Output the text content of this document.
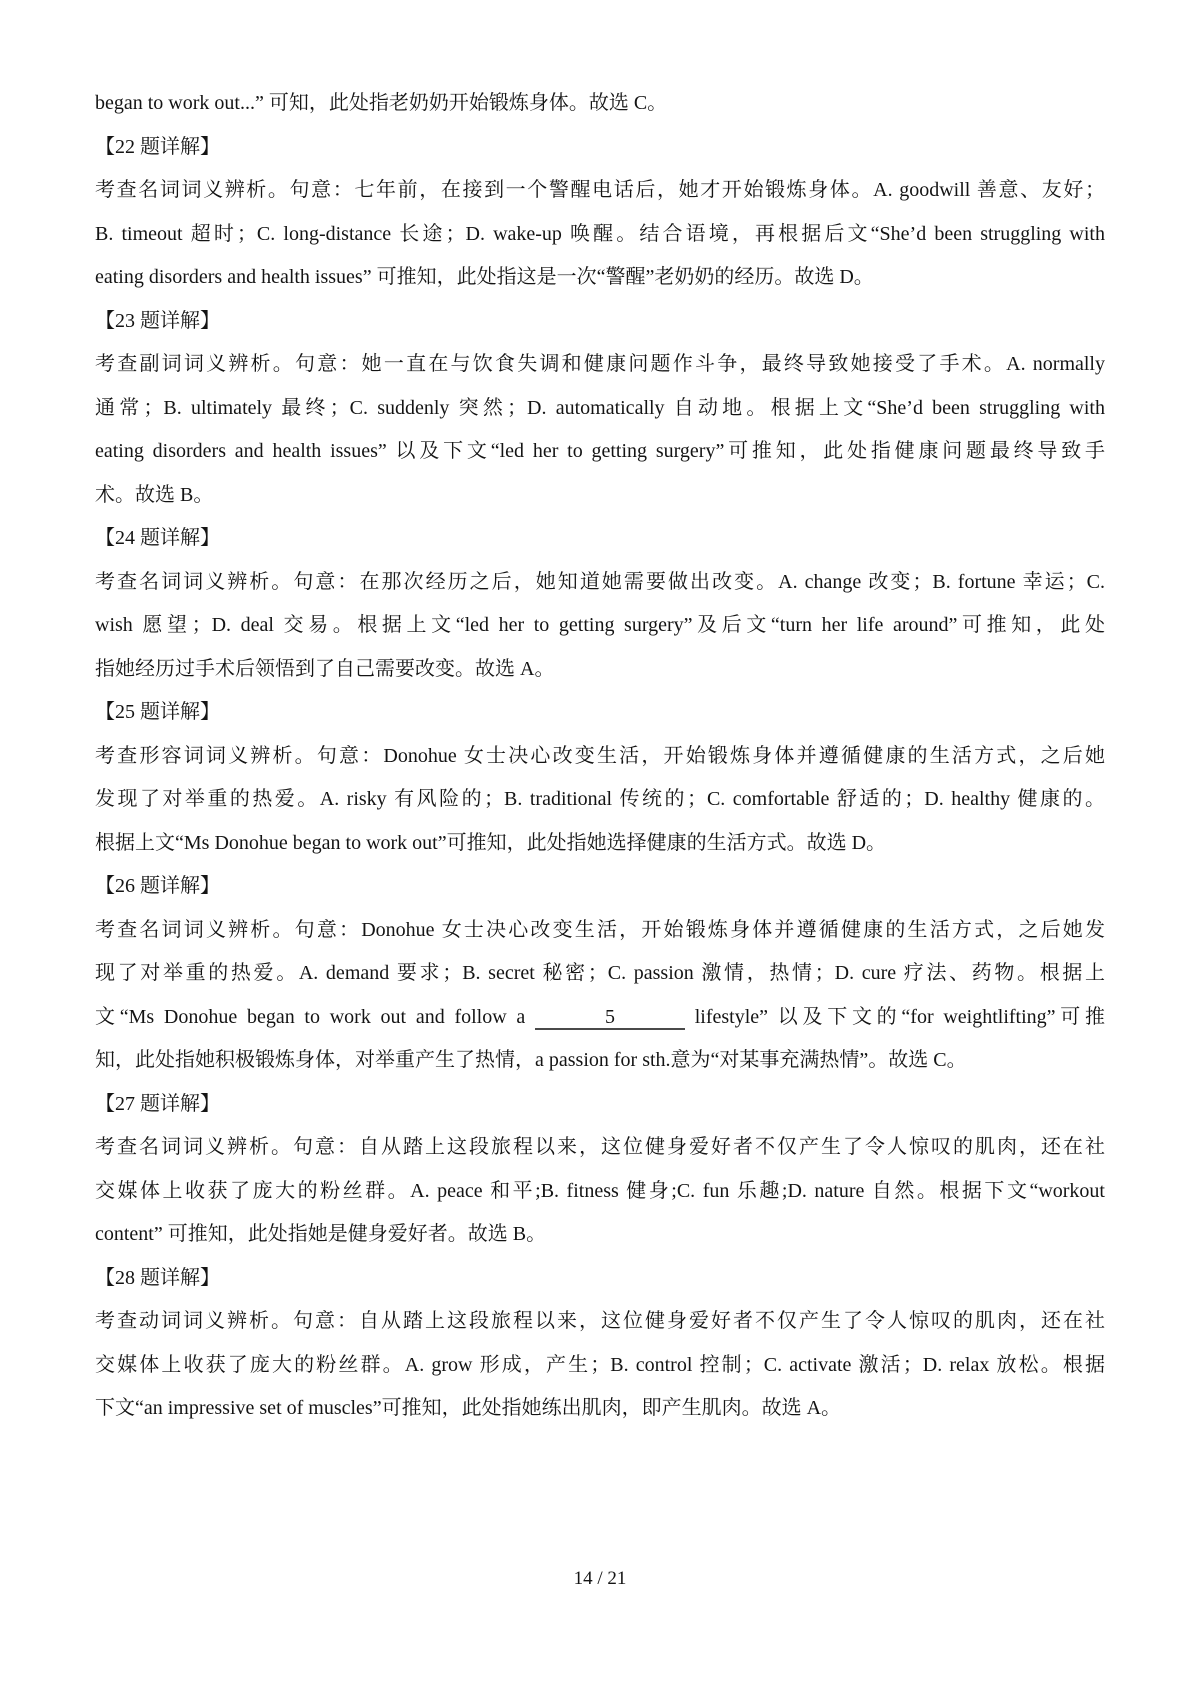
began to work out...” 可知，此处指老奶奶开始锻炼身体。故选 C。
【22 题详解】
考查名词词义辨析。句意：七年前，在接到一个警醒电话后，她才开始锻炼身体。A. goodwill 善意、友好；
B. timeout 超时；C. long-distance 长途；D. wake-up 唤醒。结合语境，再根据后文“She’d been struggling with
eating disorders and health issues” 可推知，此处指这是一次“警醒”老奶奶的经历。故选 D。
【23 题详解】
考查副词词义辨析。句意：她一直在与饮食失调和健康问题作斗争，最终导致她接受了手术。A. normally
通常；B. ultimately 最终；C. suddenly 突然；D. automatically 自动地。根据上文“She’d been struggling with
eating disorders and health issues” 以及下文“led her to getting surgery”可推知，此处指健康问题最终导致手
术。故选 B。
【24 题详解】
考查名词词义辨析。句意：在那次经历之后，她知道她需要做出改变。A. change 改变；B. fortune 幸运；C.
wish 愿望；D. deal 交易。根据上文“led her to getting surgery”及后文“turn her life around”可推知，此处
指她经历过手术后领悟到了自己需要改变。故选 A。
【25 题详解】
考查形容词词义辨析。句意：Donohue 女士决心改变生活，开始锻炼身体并遵循健康的生活方式，之后她
发现了对举重的热爱。A. risky 有风险的；B. traditional 传统的；C. comfortable 舒适的；D. healthy 健康的。
根据上文“Ms Donohue began to work out”可推知，此处指她选择健康的生活方式。故选 D。
【26 题详解】
考查名词词义辨析。句意：Donohue 女士决心改变生活，开始锻炼身体并遵循健康的生活方式，之后她发
现了对举重的热爱。A. demand 要求；B. secret 秘密；C. passion 激情，热情；D. cure 疗法、药物。根据上
文“Ms Donohue began to work out and follow a	5	lifestyle” 以及下文的“for weightlifting”可推
知，此处指她积极锻炼身体，对举重产生了热情，a passion for sth.意为“对某事充满热情”。故选 C。
【27 题详解】
考查名词词义辨析。句意：自从踏上这段旅程以来，这位健身爱好者不仅产生了令人惊叹的肌肉，还在社
交媒体上收获了庞大的粉丝群。A. peace 和平;B. fitness 健身;C. fun 乐趣;D. nature 自然。根据下文“workout
content” 可推知，此处指她是健身爱好者。故选 B。
【28 题详解】
考查动词词义辨析。句意：自从踏上这段旅程以来，这位健身爱好者不仅产生了令人惊叹的肌肉，还在社
交媒体上收获了庞大的粉丝群。A. grow 形成，产生；B. control 控制；C. activate 激活；D. relax 放松。根据
下文“an impressive set of muscles”可推知，此处指她练出肌肉，即产生肌肉。故选 A。
14 / 21
